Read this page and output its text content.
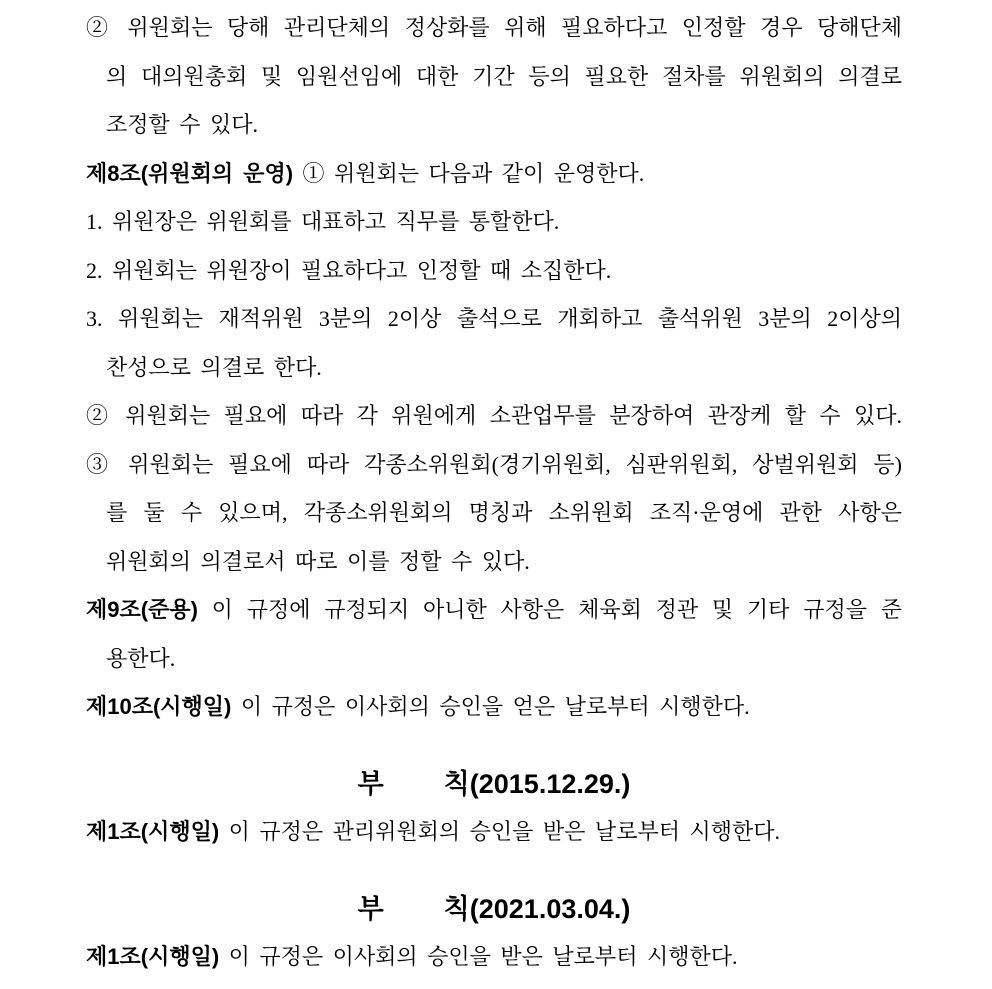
② 위원회는 당해 관리단체의 정상화를 위해 필요하다고 인정할 경우 당해단체
의 대의원총회 및 임원선임에 대한 기간 등의 필요한 절차를 위원회의 의결로
조정할 수 있다.
제8조(위원회의 운영) ① 위원회는 다음과 같이 운영한다.
1. 위원장은 위원회를 대표하고 직무를 통할한다.
2. 위원회는 위원장이 필요하다고 인정할 때 소집한다.
3. 위원회는 재적위원 3분의 2이상 출석으로 개회하고 출석위원 3분의 2이상의
찬성으로 의결로 한다.
② 위원회는 필요에 따라 각 위원에게 소관업무를 분장하여 관장케 할 수 있다.
③ 위원회는 필요에 따라 각종소위원회(경기위원회, 심판위원회, 상벌위원회 등)
를 둘 수 있으며, 각종소위원회의 명칭과 소위원회 조직·운영에 관한 사항은
위원회의 의결로서 따로 이를 정할 수 있다.
제9조(준용) 이 규정에 규정되지 아니한 사항은 체육회 정관 및 기타 규정을 준
용한다.
제10조(시행일) 이 규정은 이사회의 승인을 얻은 날로부터 시행한다.
부        칙(2015.12.29.)
제1조(시행일) 이 규정은 관리위원회의 승인을 받은 날로부터 시행한다.
부        칙(2021.03.04.)
제1조(시행일) 이 규정은 이사회의 승인을 받은 날로부터 시행한다.
